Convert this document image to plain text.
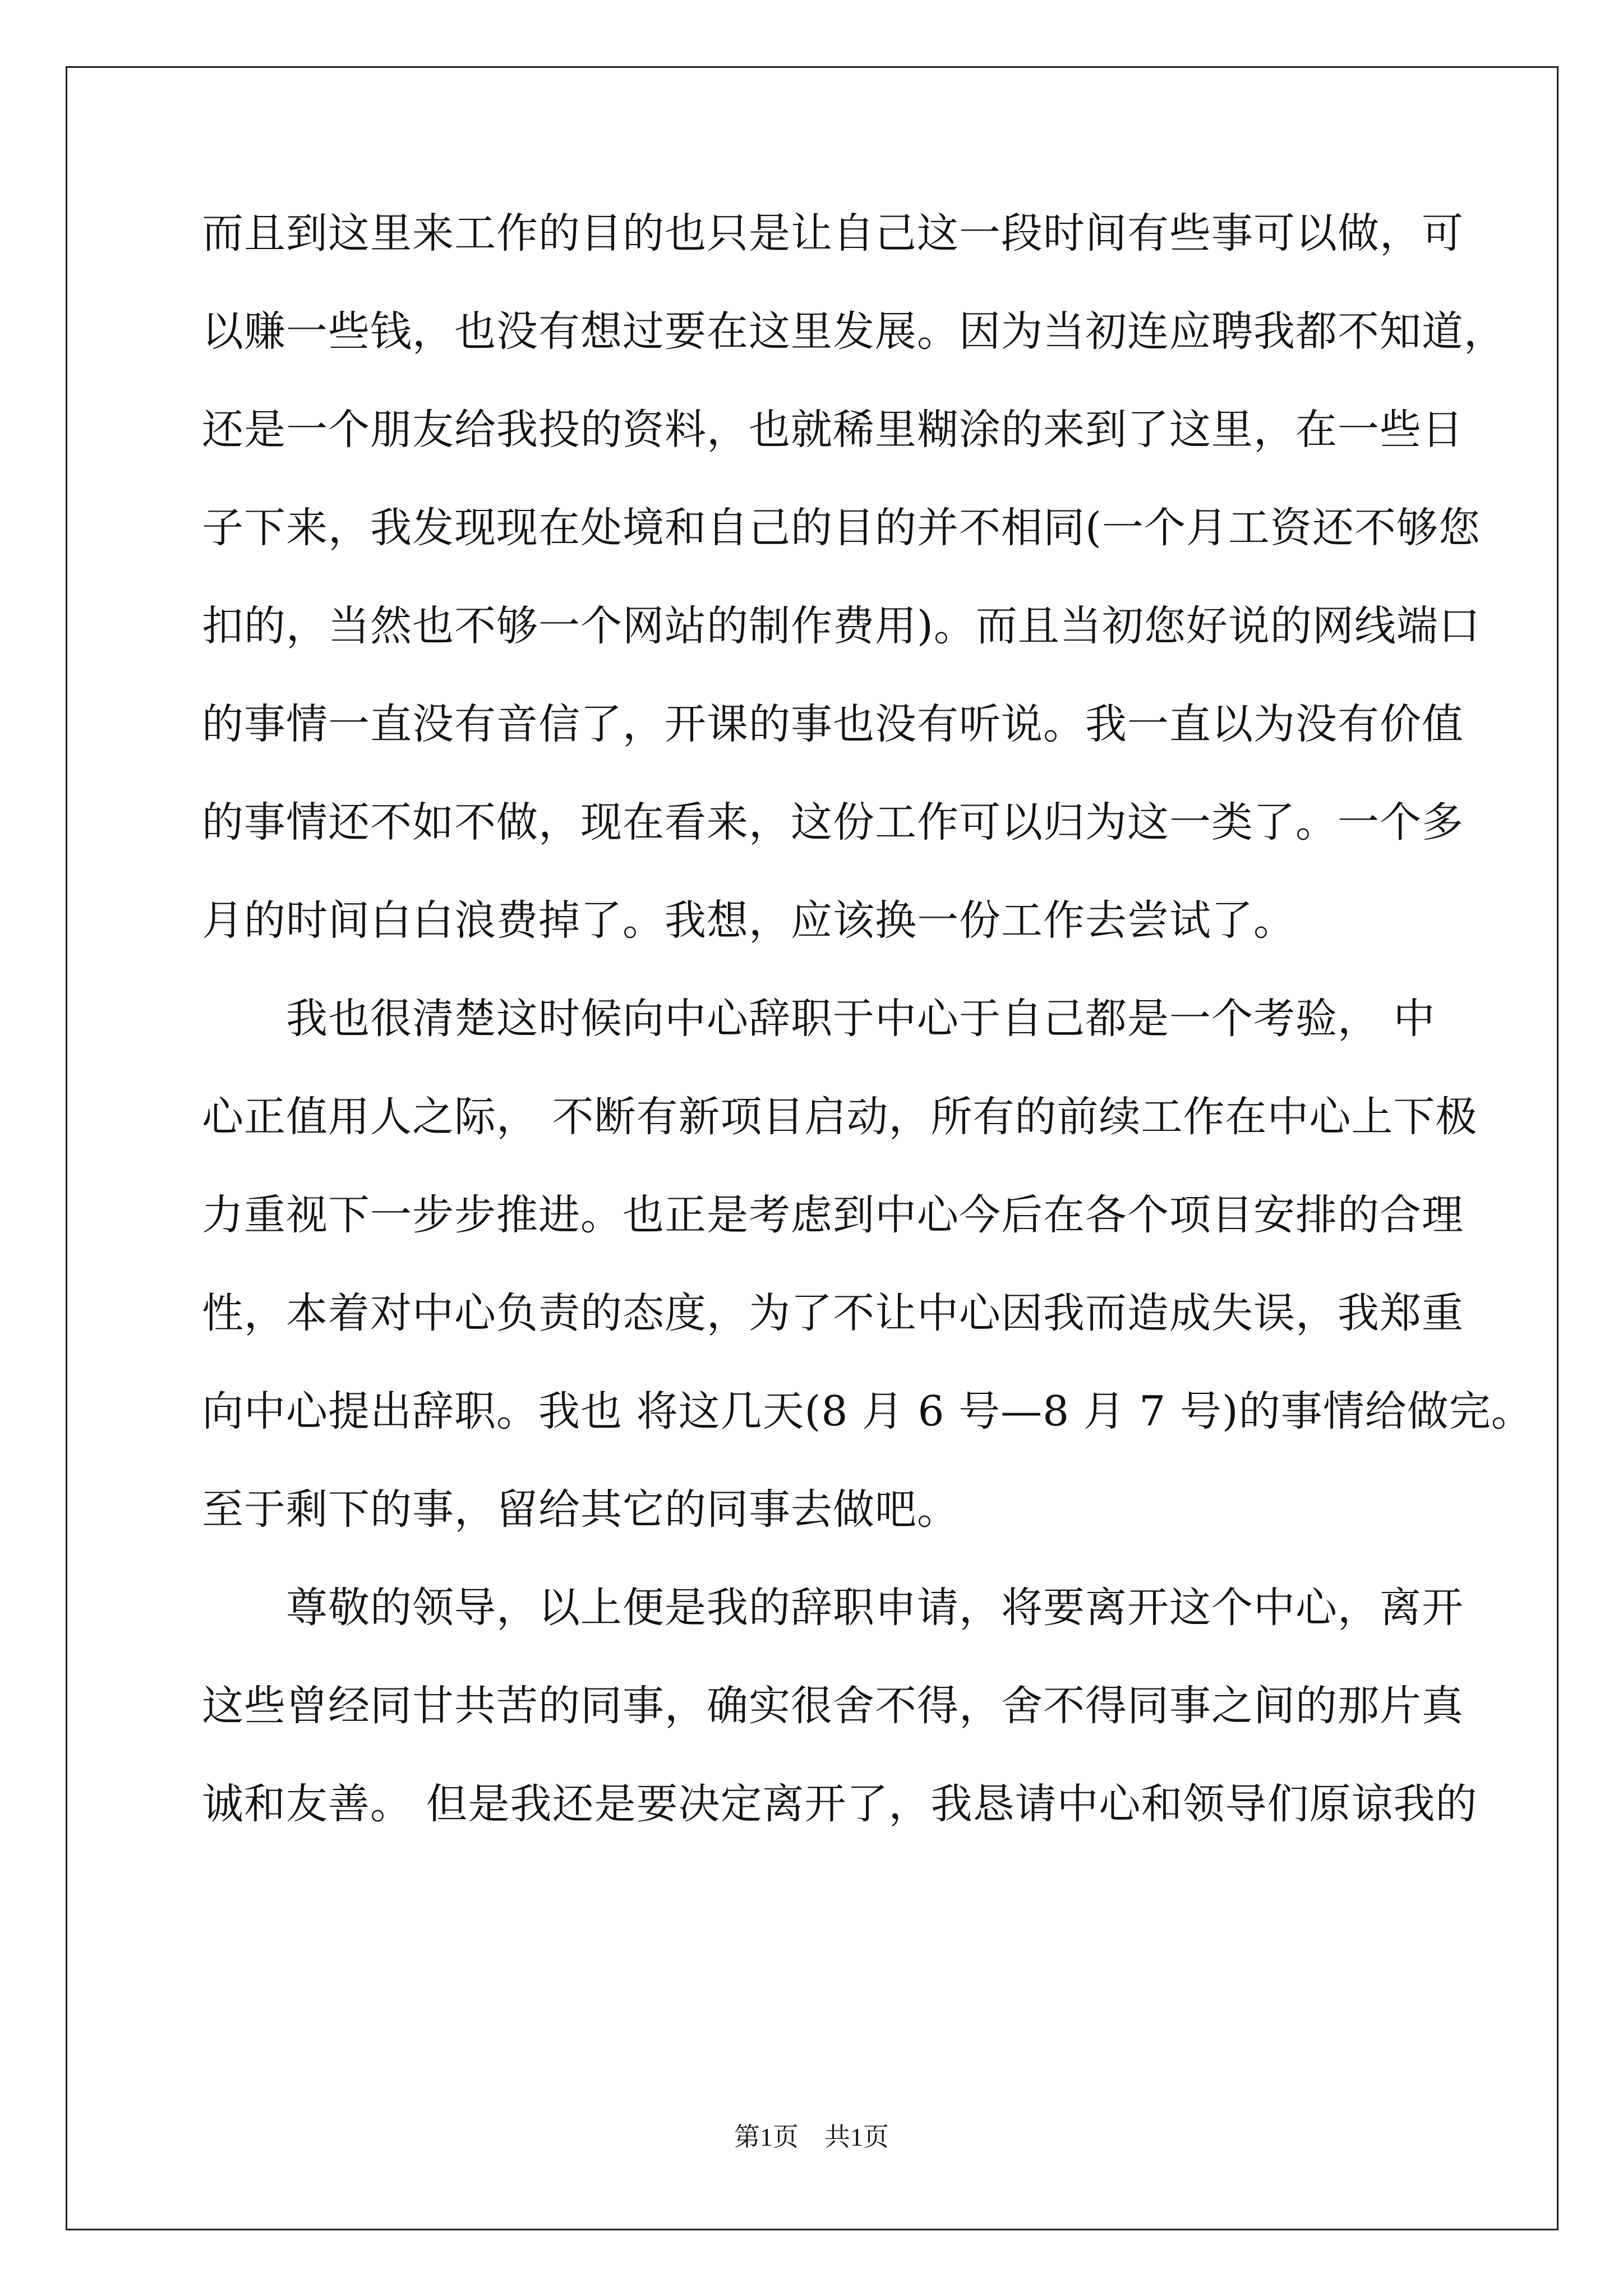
而且到这里来工作的目的也只是让自己这一段时间有些事可以做，可
以赚一些钱，也没有想过要在这里发展。因为当初连应聘我都不知道，
还是一个朋友给我投的资料，也就稀里糊涂的来到了这里，在一些日
子下来，我发现现在处境和自己的目的并不相同(一个月工资还不够您
扣的，当然也不够一个网站的制作费用)。而且当初您好说的网线端口
的事情一直没有音信了，开课的事也没有听说。我一直以为没有价值
的事情还不如不做，现在看来，这份工作可以归为这一类了。一个多
月的时间白白浪费掉了。我想，应该换一份工作去尝试了。
我也很清楚这时候向中心辞职于中心于自己都是一个考验， 中
心正值用人之际， 不断有新项目启动，所有的前续工作在中心上下极
力重视下一步步推进。也正是考虑到中心今后在各个项目安排的合理
性，本着对中心负责的态度，为了不让中心因我而造成失误，我郑重
向中心提出辞职。我也 将这几天(8 月 6 号—8 月 7 号)的事情给做完。
至于剩下的事，留给其它的同事去做吧。
尊敬的领导，以上便是我的辞职申请，将要离开这个中心，离开
这些曾经同甘共苦的同事，确实很舍不得，舍不得同事之间的那片真
诚和友善。 但是我还是要决定离开了，我恳请中心和领导们原谅我的
第1页　共1页
